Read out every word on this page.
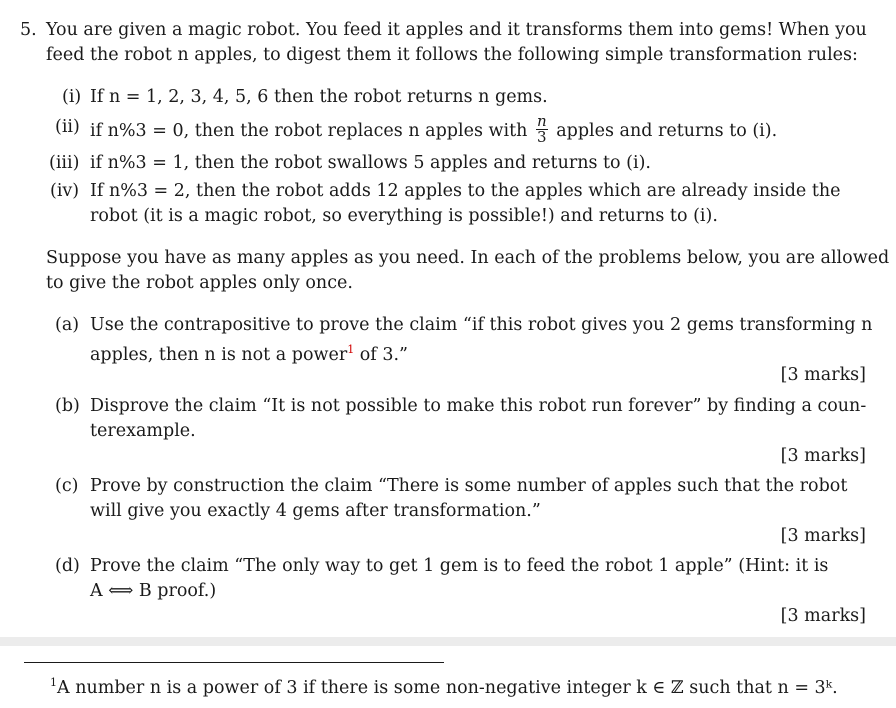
5. You are given a magic robot. You feed it apples and it transforms them into gems! When you
feed the robot n apples, to digest them it follows the following simple transformation rules:
(i) If n = 1, 2, 3, 4, 5, 6 then the robot returns n gems.
(ii) if n%3 = 0, then the robot replaces n apples with $\frac{n}{3}$ apples and returns to (i).
(iii) if n%3 = 1, then the robot swallows 5 apples and returns to (i).
(iv) If n%3 = 2, then the robot adds 12 apples to the apples which are already inside the
robot (it is a magic robot, so everything is possible!) and returns to (i).
Suppose you have as many apples as you need. In each of the problems below, you are allowed
to give the robot apples only once.
(a) Use the contrapositive to prove the claim “if this robot gives you 2 gems transforming n
apples, then n is not a power$^1$ of 3.”
[3 marks]
(b) Disprove the claim “It is not possible to make this robot run forever” by finding a coun-
terexample.
[3 marks]
(c) Prove by construction the claim “There is some number of apples such that the robot
will give you exactly 4 gems after transformation.”
[3 marks]
(d) Prove the claim “The only way to get 1 gem is to feed the robot 1 apple” (Hint: it is
A ⟺ B proof.)
[3 marks]
$^1$A number n is a power of 3 if there is some non-negative integer k ∈ ℤ such that n = 3ᵏ.
